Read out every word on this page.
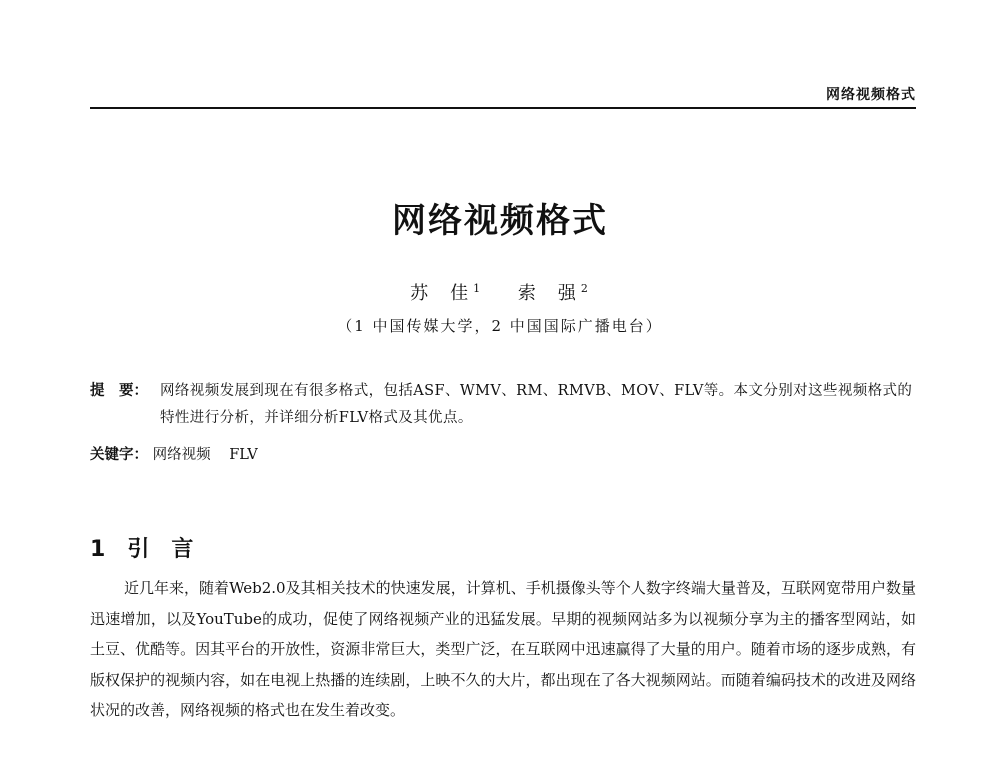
网络视频格式
网络视频格式
苏　佳 $^1$ 索　强 $^2$
（1 中国传媒大学，2 中国国际广播电台）
提　要： 网络视频发展到现在有很多格式，包括ASF、WMV、RM、RMVB、MOV、FLV等。本文分别对这些视频格式的特性进行分析，并详细分析FLV格式及其优点。
关键字： 网络视频 FLV
1 引言

近几年来，随着Web2.0及其相关技术的快速发展，计算机、手机摄像头等个人数字终端大量普及，互联网宽带用户数量迅速增加，以及YouTube的成功，促使了网络视频产业的迅猛发展。早期的视频网站多为以视频分享为主的播客型网站，如土豆、优酷等。因其平台的开放性，资源非常巨大，类型广泛，在互联网中迅速赢得了大量的用户。随着市场的逐步成熟，有版权保护的视频内容，如在电视上热播的连续剧，上映不久的大片，都出现在了各大视频网站。而随着编码技术的改进及网络状况的改善，网络视频的格式也在发生着改变。
